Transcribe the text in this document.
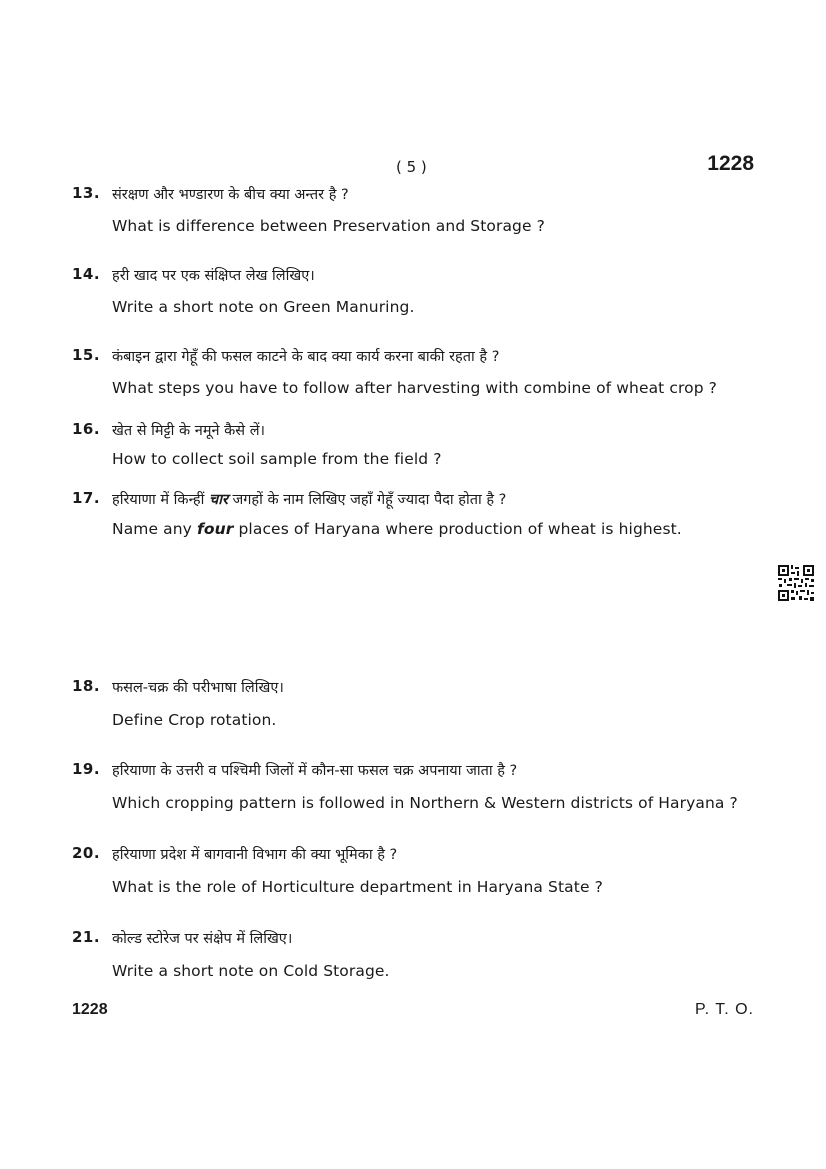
( 5 )	1228
13. संरक्षण और भण्डारण के बीच क्या अन्तर है ?
What is difference between Preservation and Storage ?
14. हरी खाद पर एक संक्षिप्त लेख लिखिए।
Write a short note on Green Manuring.
15. कंबाइन द्वारा गेहूँ की फसल काटने के बाद क्या कार्य करना बाकी रहता है ?
What steps you have to follow after harvesting with combine of wheat crop ?
16. खेत से मिट्टी के नमूने कैसे लें।
How to collect soil sample from the field ?
17. हरियाणा में किन्हीं चार जगहों के नाम लिखिए जहाँ गेहूँ ज्यादा पैदा होता है ?
Name any four places of Haryana where production of wheat is highest.
18. फसल-चक्र की परीभाषा लिखिए।
Define Crop rotation.
19. हरियाणा के उत्तरी व पश्चिमी जिलों में कौन-सा फसल चक्र अपनाया जाता है ?
Which cropping pattern is followed in Northern & Western districts of Haryana ?
20. हरियाणा प्रदेश में बागवानी विभाग की क्या भूमिका है ?
What is the role of Horticulture department in Haryana State ?
21. कोल्ड स्टोरेज पर संक्षेप में लिखिए।
Write a short note on Cold Storage.
1228	P. T. O.
